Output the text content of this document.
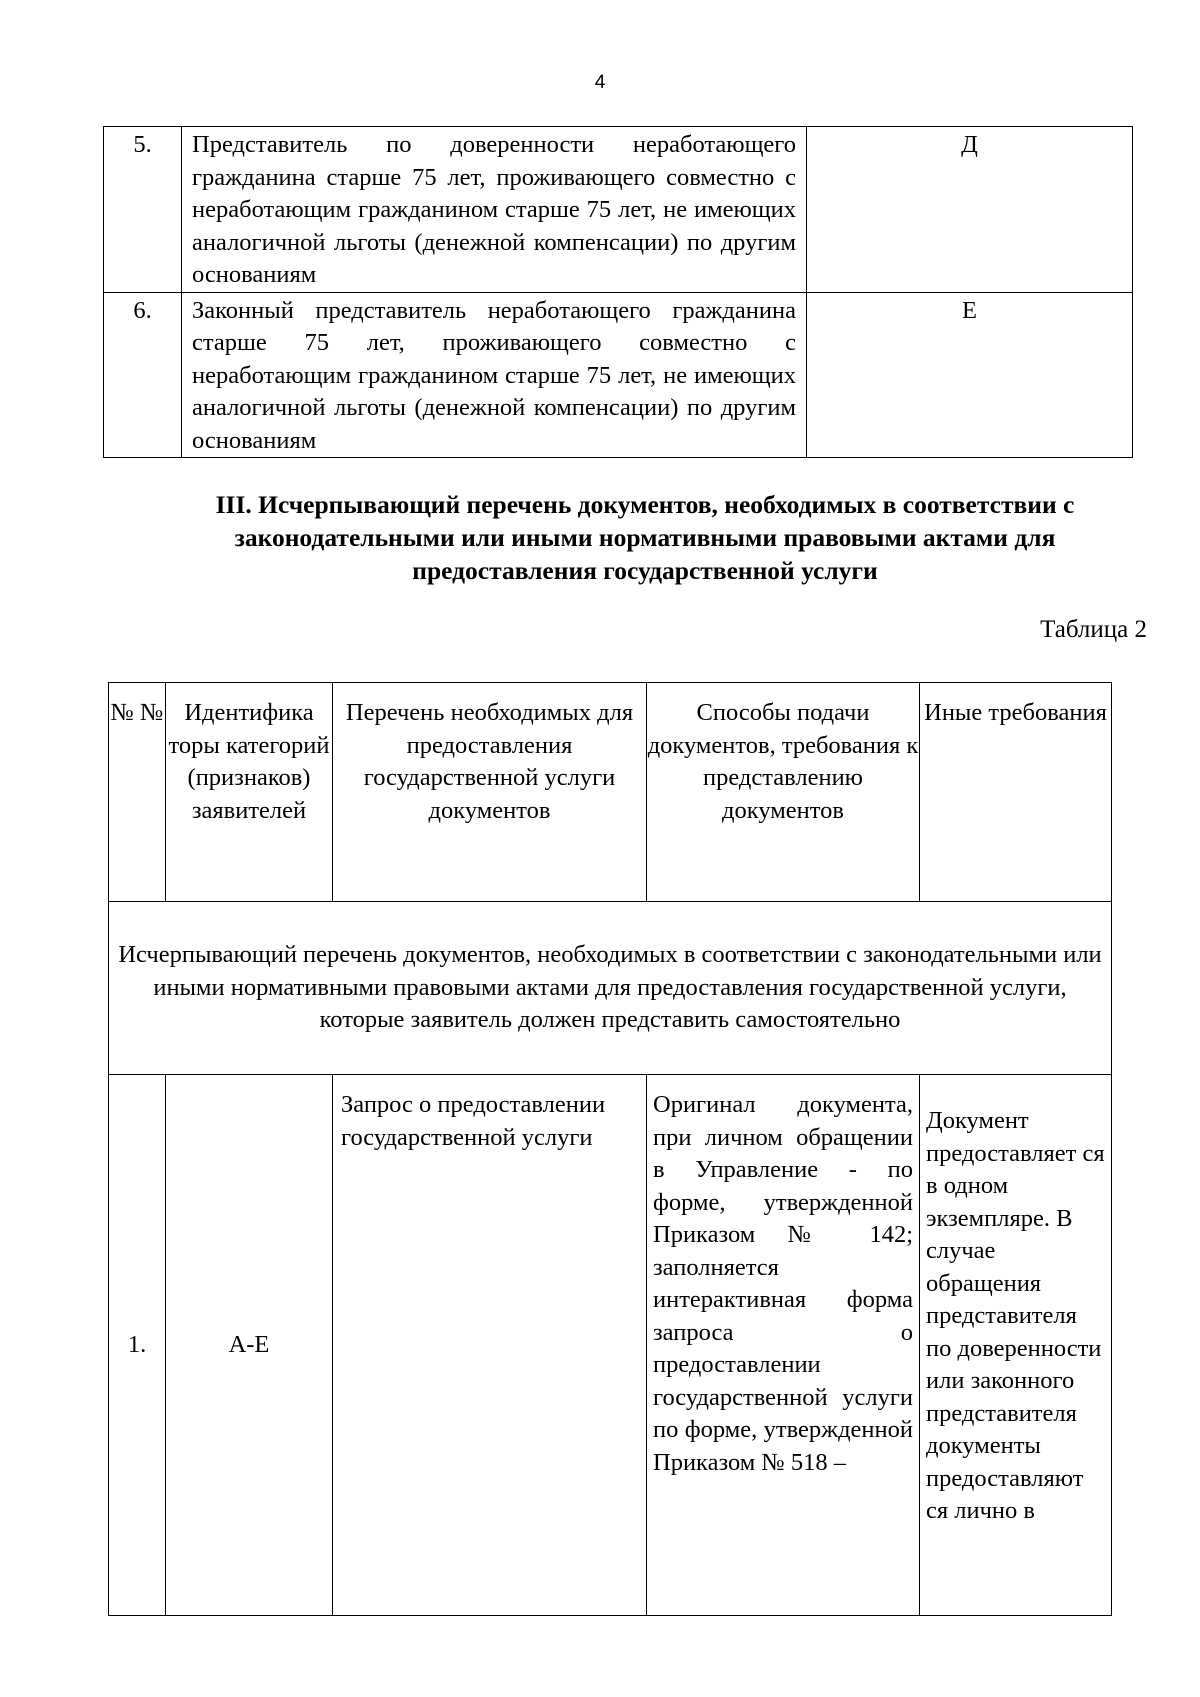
4
5.	Представитель по доверенности неработающего гражданина старше 75 лет, проживающего совместно с неработающим гражданином старше 75 лет, не имеющих аналогичной льготы (денежной компенсации) по другим основаниям	Д
6.	Законный представитель неработающего гражданина старше 75 лет, проживающего совместно с неработающим гражданином старше 75 лет, не имеющих аналогичной льготы (денежной компенсации) по другим основаниям	Е
III. Исчерпывающий перечень документов, необходимых в соответствии с законодательными или иными нормативными правовыми актами для предоставления государственной услуги
Таблица 2
№ №	Идентифика торы категорий (признаков) заявителей	Перечень необходимых для предоставления государственной услуги документов	Способы подачи документов, требования к представлению документов	Иные требования
Исчерпывающий перечень документов, необходимых в соответствии с законодательными или иными нормативными правовыми актами для предоставления государственной услуги, которые заявитель должен представить самостоятельно				
1.	А-Е	Запрос о предоставлении государственной услуги	Оригинал документа, при личном обращении в Управление - по форме, утвержденной Приказом № 142; заполняется интерактивная форма запроса о предоставлении государственной услуги по форме, утвержденной Приказом № 518 –	Документ предоставляет ся в одном экземпляре. В случае обращения представителя по доверенности или законного представителя документы предоставляют ся лично в
